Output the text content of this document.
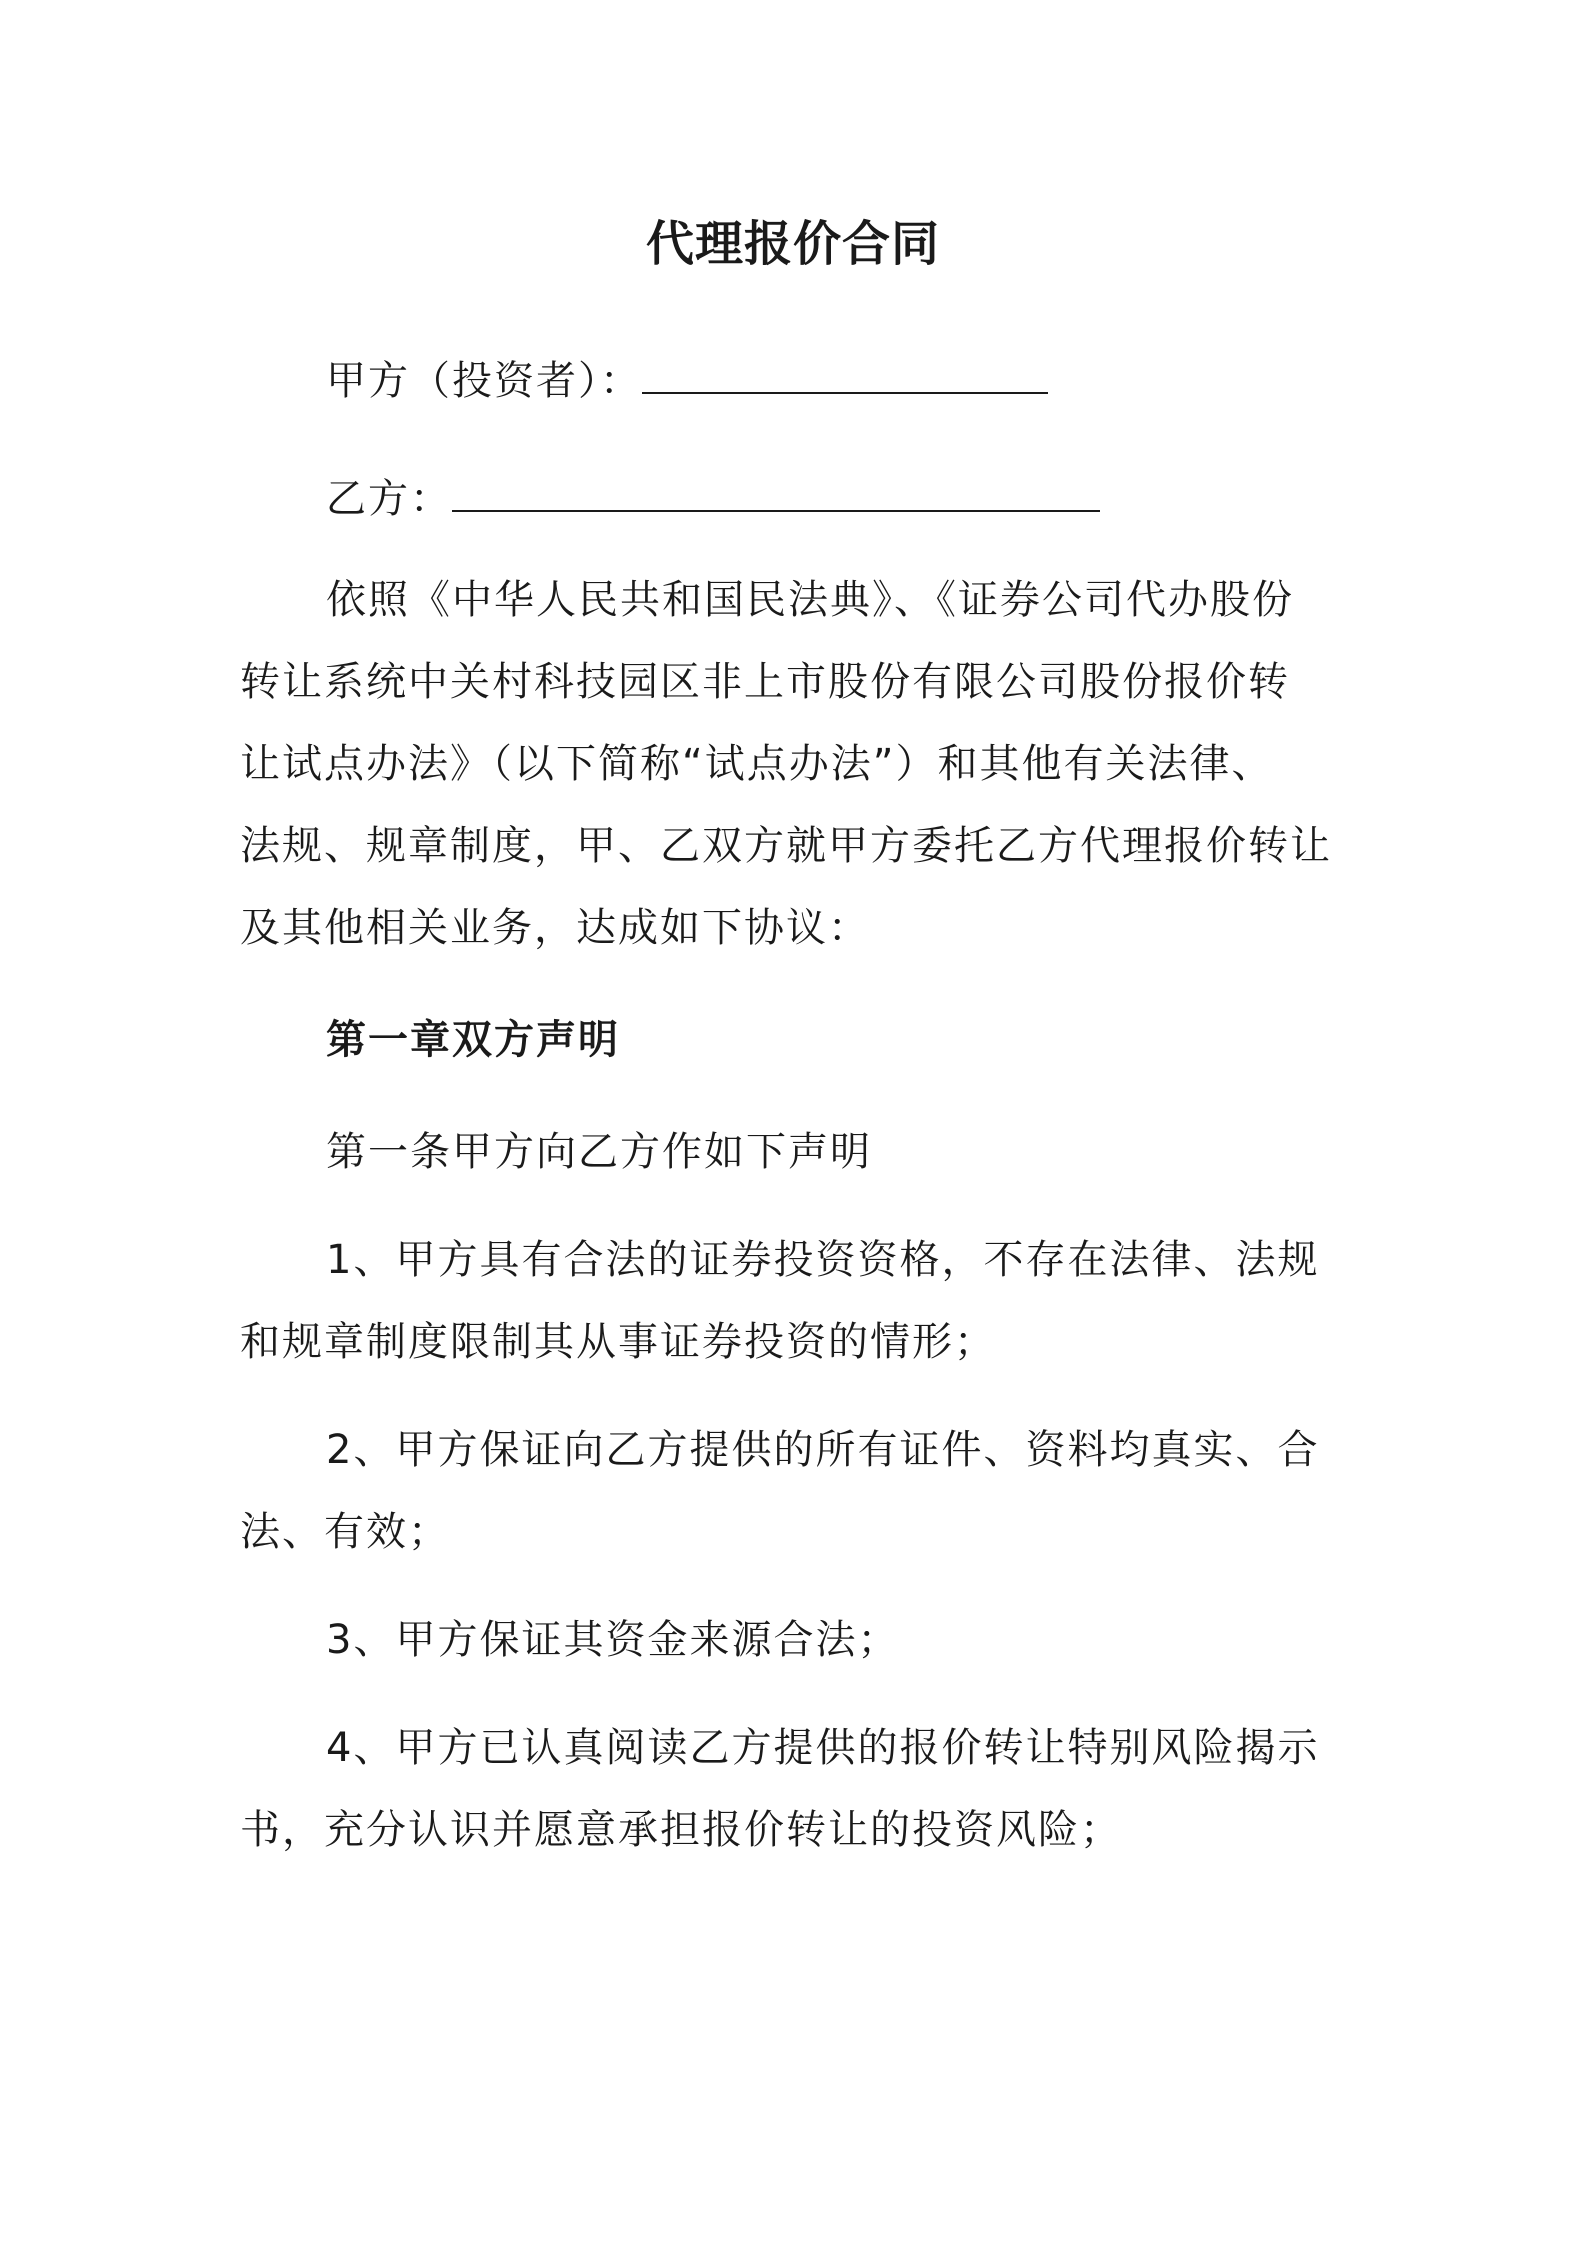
代理报价合同
甲方（投资者）：
乙方：
依照《中华人民共和国民法典》、《证券公司代办股份
转让系统中关村科技园区非上市股份有限公司股份报价转
让试点办法》（以下简称“试点办法”）和其他有关法律、
法规、规章制度，甲、乙双方就甲方委托乙方代理报价转让
及其他相关业务，达成如下协议：
第一章双方声明
第一条甲方向乙方作如下声明
1、甲方具有合法的证券投资资格，不存在法律、法规
和规章制度限制其从事证券投资的情形；
2、甲方保证向乙方提供的所有证件、资料均真实、合
法、有效；
3、甲方保证其资金来源合法；
4、甲方已认真阅读乙方提供的报价转让特别风险揭示
书，充分认识并愿意承担报价转让的投资风险；
